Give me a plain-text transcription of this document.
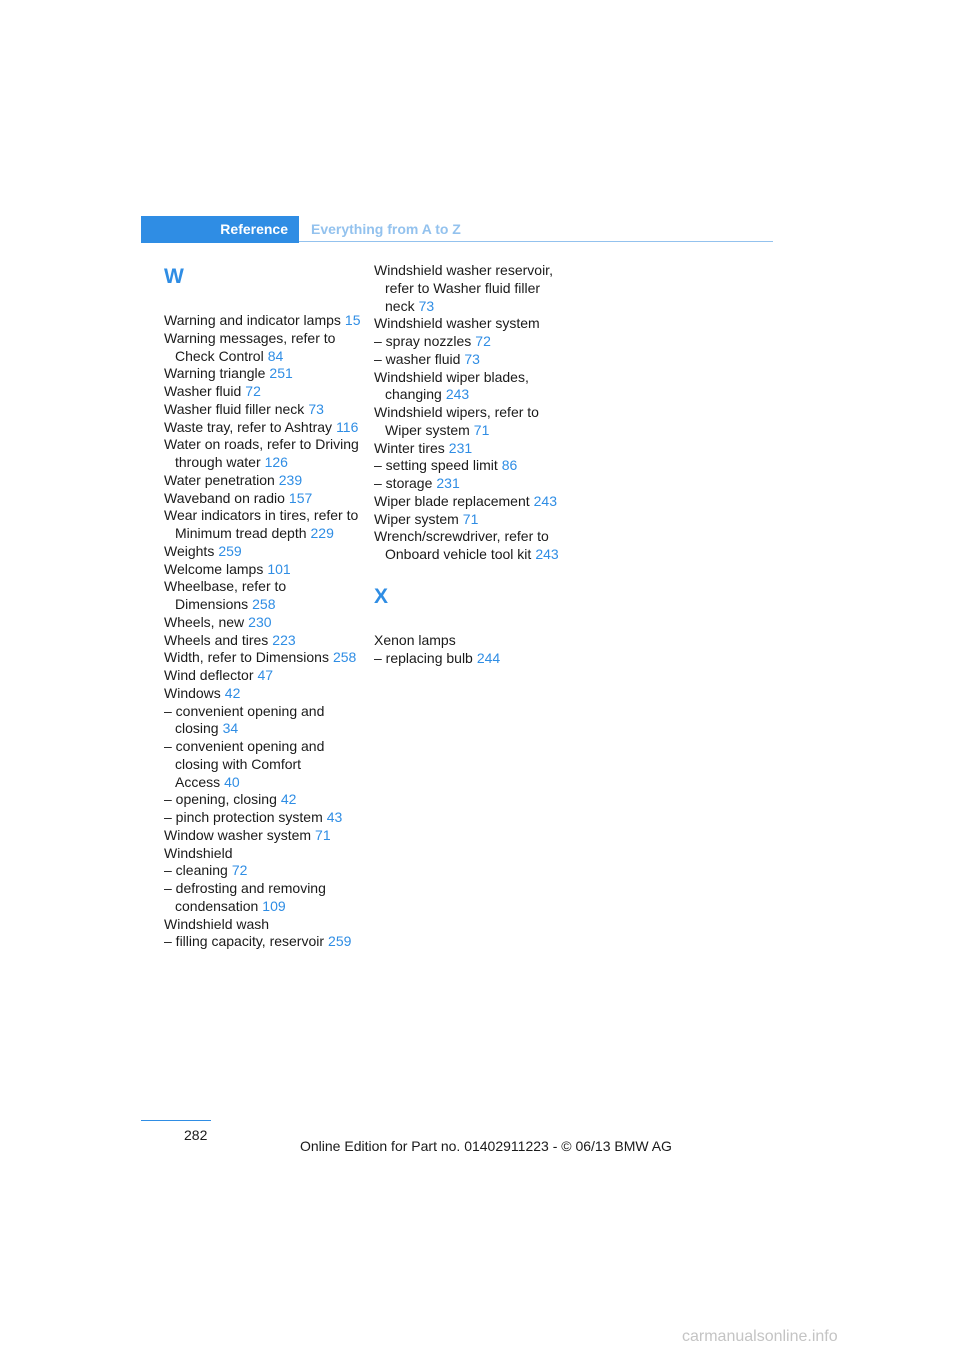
Reference	Everything from A to Z
W
Warning and indicator lamps 15
Warning messages, refer to Check Control 84
Warning triangle 251
Washer fluid 72
Washer fluid filler neck 73
Waste tray, refer to Ashtray 116
Water on roads, refer to Driving through water 126
Water penetration 239
Waveband on radio 157
Wear indicators in tires, refer to Minimum tread depth 229
Weights 259
Welcome lamps 101
Wheelbase, refer to Dimensions 258
Wheels, new 230
Wheels and tires 223
Width, refer to Dimensions 258
Wind deflector 47
Windows 42
– convenient opening and closing 34
– convenient opening and closing with Comfort Access 40
– opening, closing 42
– pinch protection system 43
Window washer system 71
Windshield
– cleaning 72
– defrosting and removing condensation 109
Windshield wash
– filling capacity, reservoir 259
Windshield washer reservoir, refer to Washer fluid filler neck 73
Windshield washer system
– spray nozzles 72
– washer fluid 73
Windshield wiper blades, changing 243
Windshield wipers, refer to Wiper system 71
Winter tires 231
– setting speed limit 86
– storage 231
Wiper blade replacement 243
Wiper system 71
Wrench/screwdriver, refer to Onboard vehicle tool kit 243
X
Xenon lamps
– replacing bulb 244
282
Online Edition for Part no. 01402911223 - © 06/13 BMW AG
carmanualsonline.info
